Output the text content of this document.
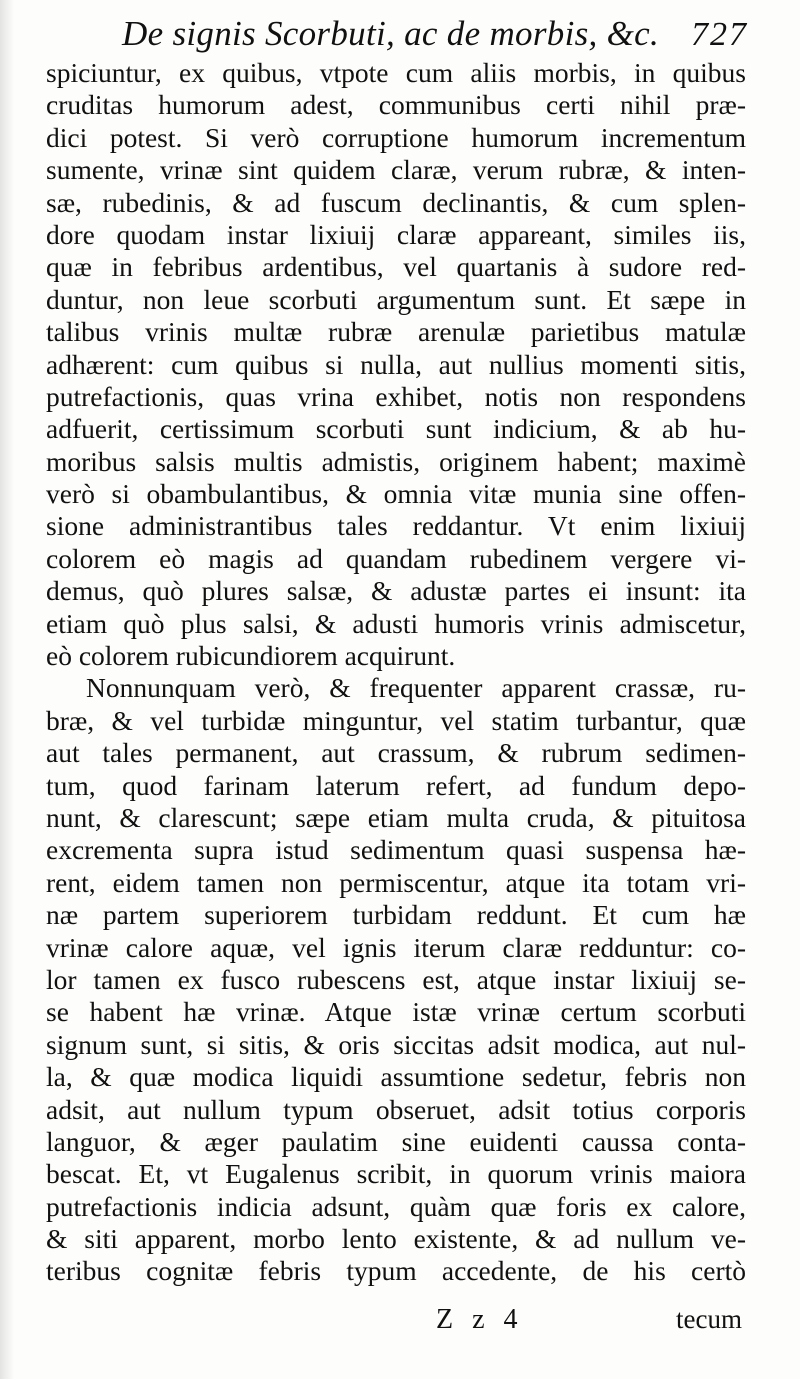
De signis Scorbuti, ac de morbis, &c. 727
spiciuntur, ex quibus, vtpote cum aliis morbis, in quibus
cruditas humorum adest, communibus certi nihil præ-
dici potest. Si verò corruptione humorum incrementum
sumente, vrinæ sint quidem claræ, verum rubræ, & inten-
sæ, rubedinis, & ad fuscum declinantis, & cum splen-
dore quodam instar lixiuij claræ appareant, similes iis,
quæ in febribus ardentibus, vel quartanis à sudore red-
duntur, non leue scorbuti argumentum sunt. Et sæpe in
talibus vrinis multæ rubræ arenulæ parietibus matulæ
adhærent: cum quibus si nulla, aut nullius momenti sitis,
putrefactionis, quas vrina exhibet, notis non respondens
adfuerit, certissimum scorbuti sunt indicium, & ab hu-
moribus salsis multis admistis, originem habent; maximè
verò si obambulantibus, & omnia vitæ munia sine offen-
sione administrantibus tales reddantur. Vt enim lixiuij
colorem eò magis ad quandam rubedinem vergere vi-
demus, quò plures salsæ, & adustæ partes ei insunt: ita
etiam quò plus salsi, & adusti humoris vrinis admiscetur,
eò colorem rubicundiorem acquirunt.
Nonnunquam verò, & frequenter apparent crassæ, ru-
bræ, & vel turbidæ minguntur, vel statim turbantur, quæ
aut tales permanent, aut crassum, & rubrum sedimen-
tum, quod farinam laterum refert, ad fundum depo-
nunt, & clarescunt; sæpe etiam multa cruda, & pituitosa
excrementa supra istud sedimentum quasi suspensa hæ-
rent, eidem tamen non permiscentur, atque ita totam vri-
næ partem superiorem turbidam reddunt. Et cum hæ
vrinæ calore aquæ, vel ignis iterum claræ redduntur: co-
lor tamen ex fusco rubescens est, atque instar lixiuij se-
se habent hæ vrinæ. Atque istæ vrinæ certum scorbuti
signum sunt, si sitis, & oris siccitas adsit modica, aut nul-
la, & quæ modica liquidi assumtione sedetur, febris non
adsit, aut nullum typum obseruet, adsit totius corporis
languor, & æger paulatim sine euidenti caussa conta-
bescat. Et, vt Eugalenus scribit, in quorum vrinis maiora
putrefactionis indicia adsunt, quàm quæ foris ex calore,
& siti apparent, morbo lento existente, & ad nullum ve-
teribus cognitæ febris typum accedente, de his certò
Z z 4	tecum
